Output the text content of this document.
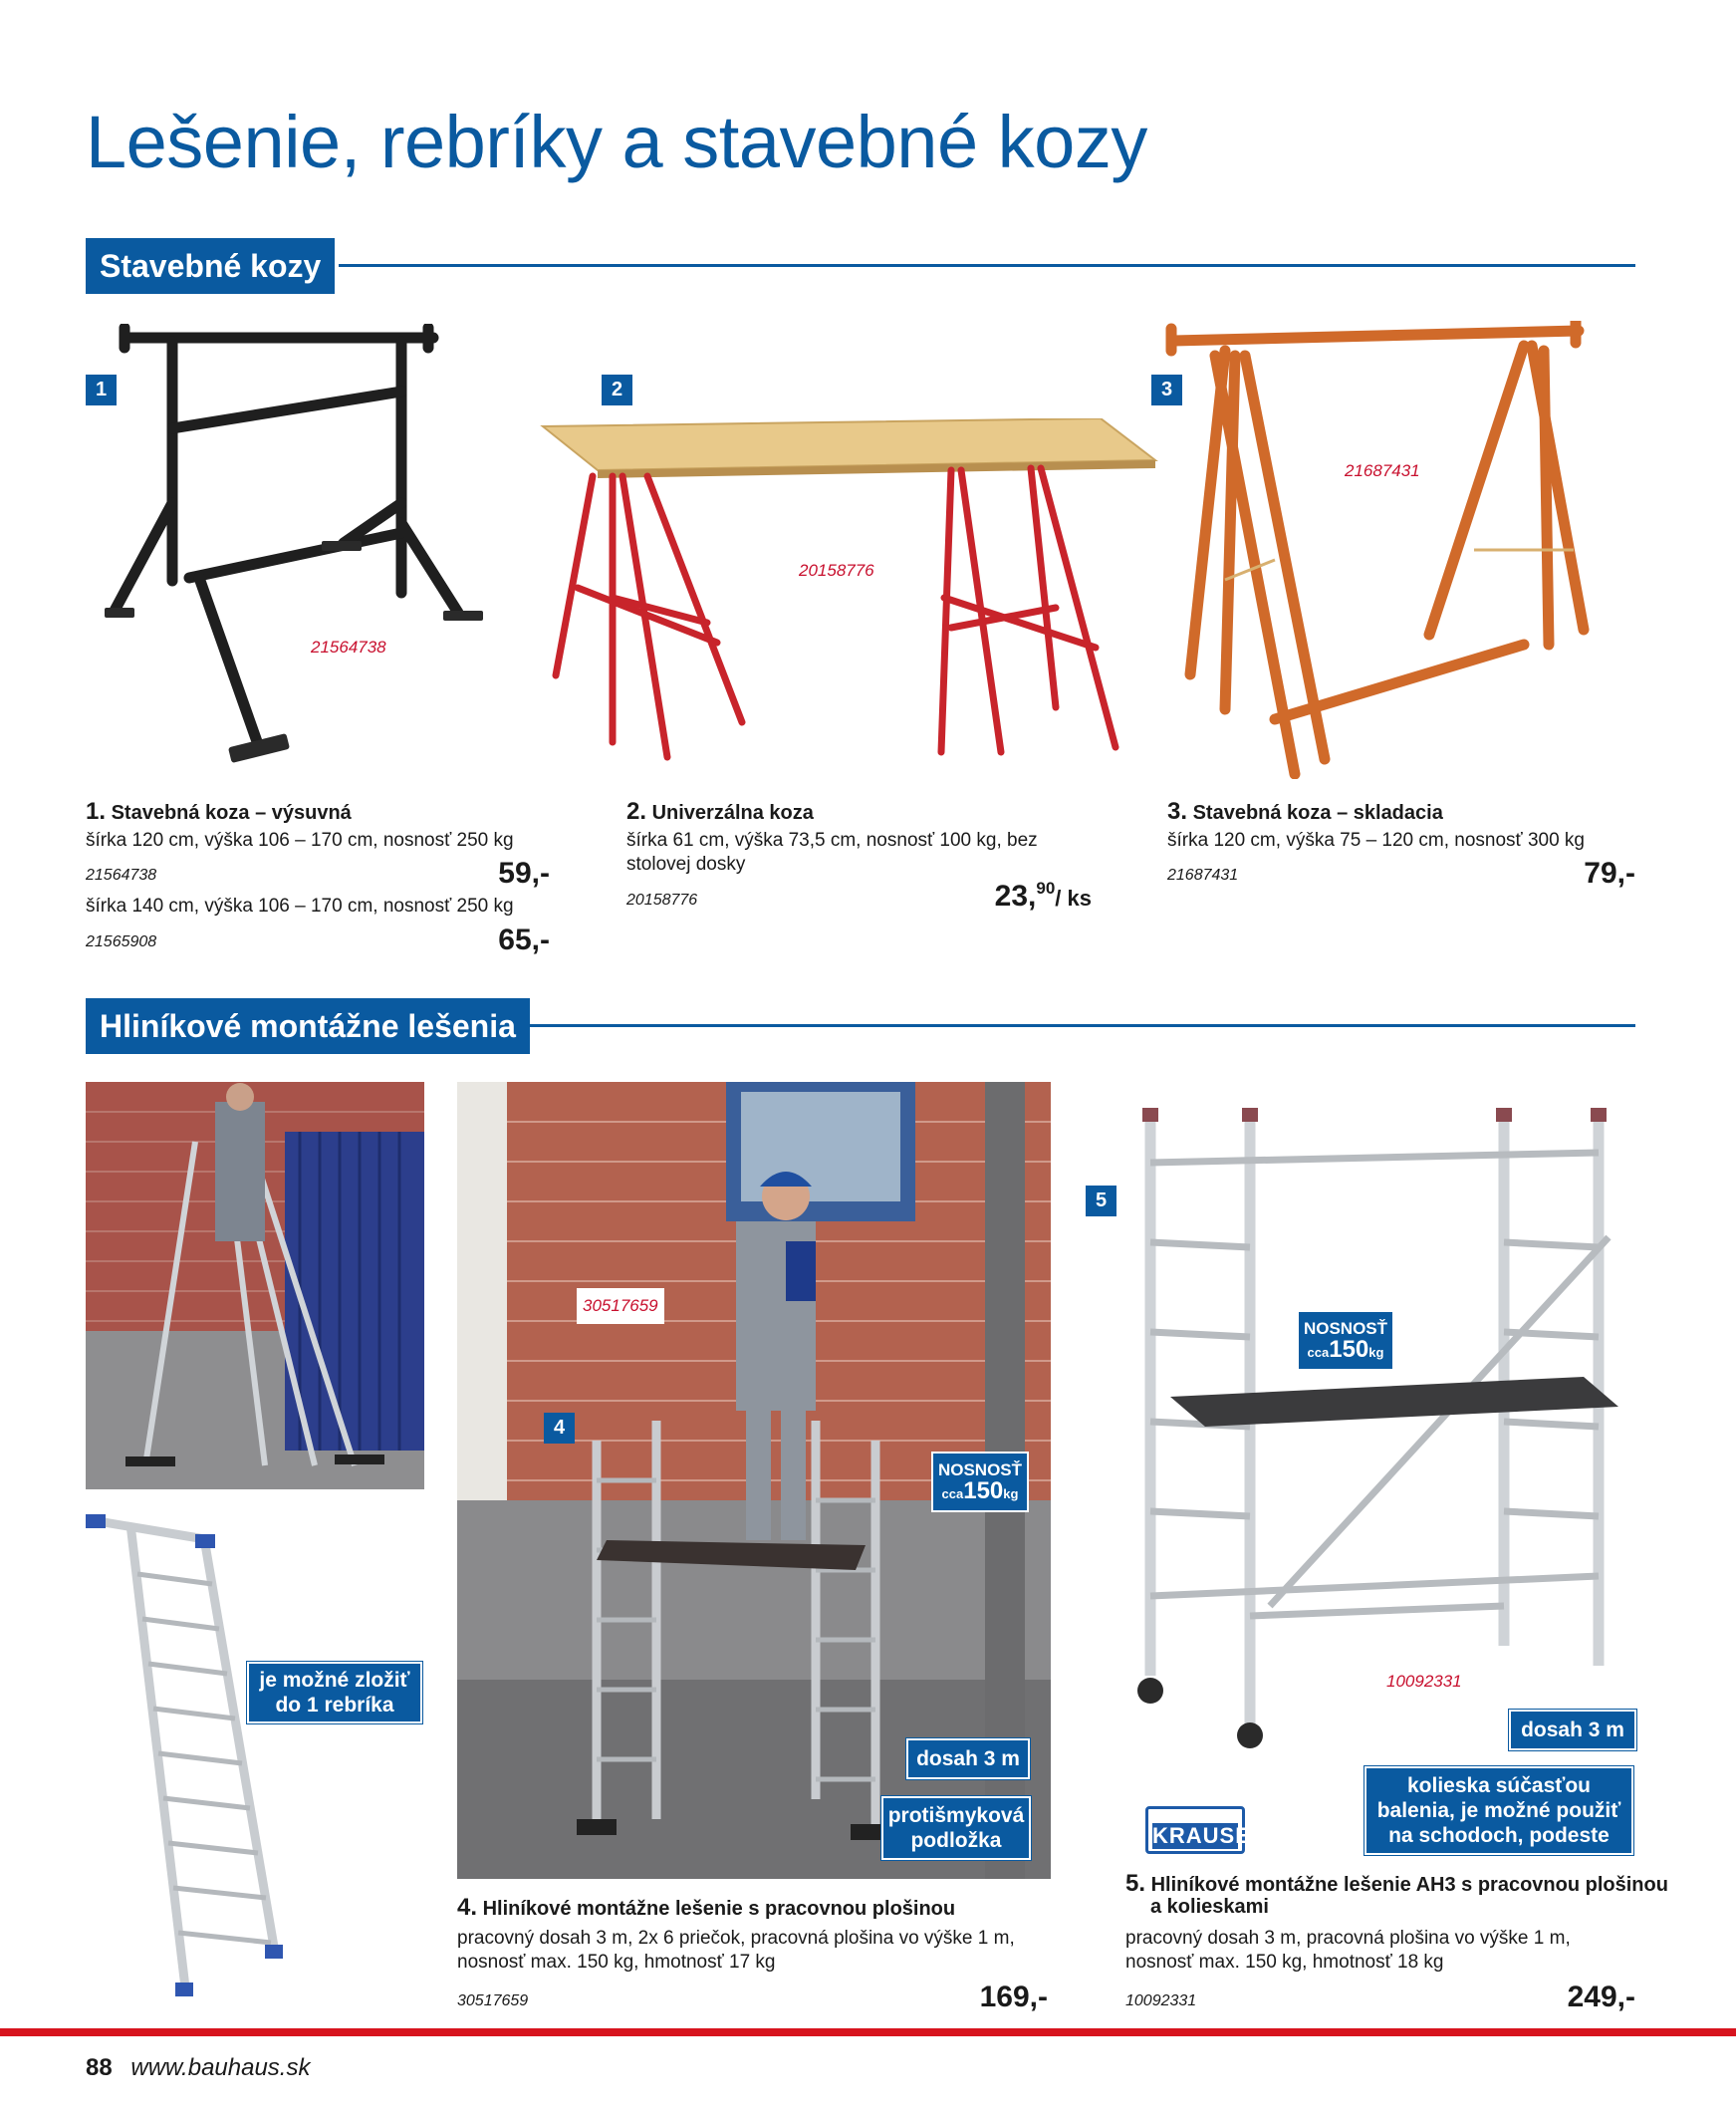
Lešenie, rebríky a stavebné kozy
Stavebné kozy
1
21564738
2
20158776
3
21687431
1. Stavebná koza – výsuvná
šírka 120 cm, výška 106 – 170 cm, nosnosť 250 kg
21564738	59,-
šírka 140 cm, výška 106 – 170 cm, nosnosť 250 kg
21565908	65,-
2. Univerzálna koza
šírka 61 cm, výška 73,5 cm, nosnosť 100 kg, bez stolovej dosky
20158776	23,90/ ks
3. Stavebná koza – skladacia
šírka 120 cm, výška 75 – 120 cm, nosnosť 300 kg
21687431	79,-
Hliníkové montážne lešenia
je možné zložiť
do 1 rebríka
30517659
4
NOSNOSŤ
cca150kg
dosah 3 m
protišmyková
podložka
5
NOSNOSŤ
cca150kg
10092331
dosah 3 m
kolieska súčasťou
balenia, je možné použiť
na schodoch, podeste
KRAUSE
4. Hliníkové montážne lešenie s pracovnou plošinou
pracovný dosah 3 m, 2x 6 priečok, pracovná plošina vo výške 1 m, nosnosť max. 150 kg, hmotnosť 17 kg
30517659	169,-
5. Hliníkové montážne lešenie AH3 s pracovnou plošinou
a kolieskami
pracovný dosah 3 m, pracovná plošina vo výške 1 m, nosnosť max. 150 kg, hmotnosť 18 kg
10092331	249,-
88 www.bauhaus.sk
